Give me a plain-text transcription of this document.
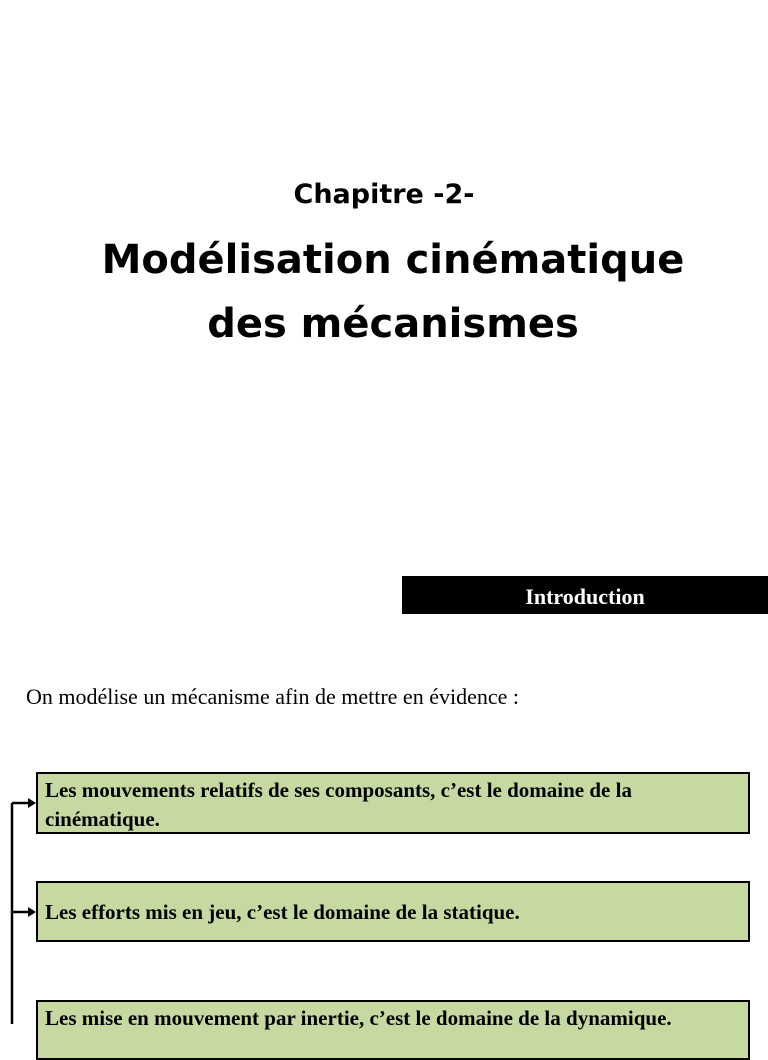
Chapitre -2-
Modélisation cinématique
des mécanismes
Introduction
On modélise un mécanisme afin de mettre en évidence :
Les mouvements relatifs de ses composants, c’est le domaine de la cinématique.
Les efforts mis en jeu, c’est le domaine de la statique.
Les mise en mouvement par inertie, c’est le domaine de la dynamique.
